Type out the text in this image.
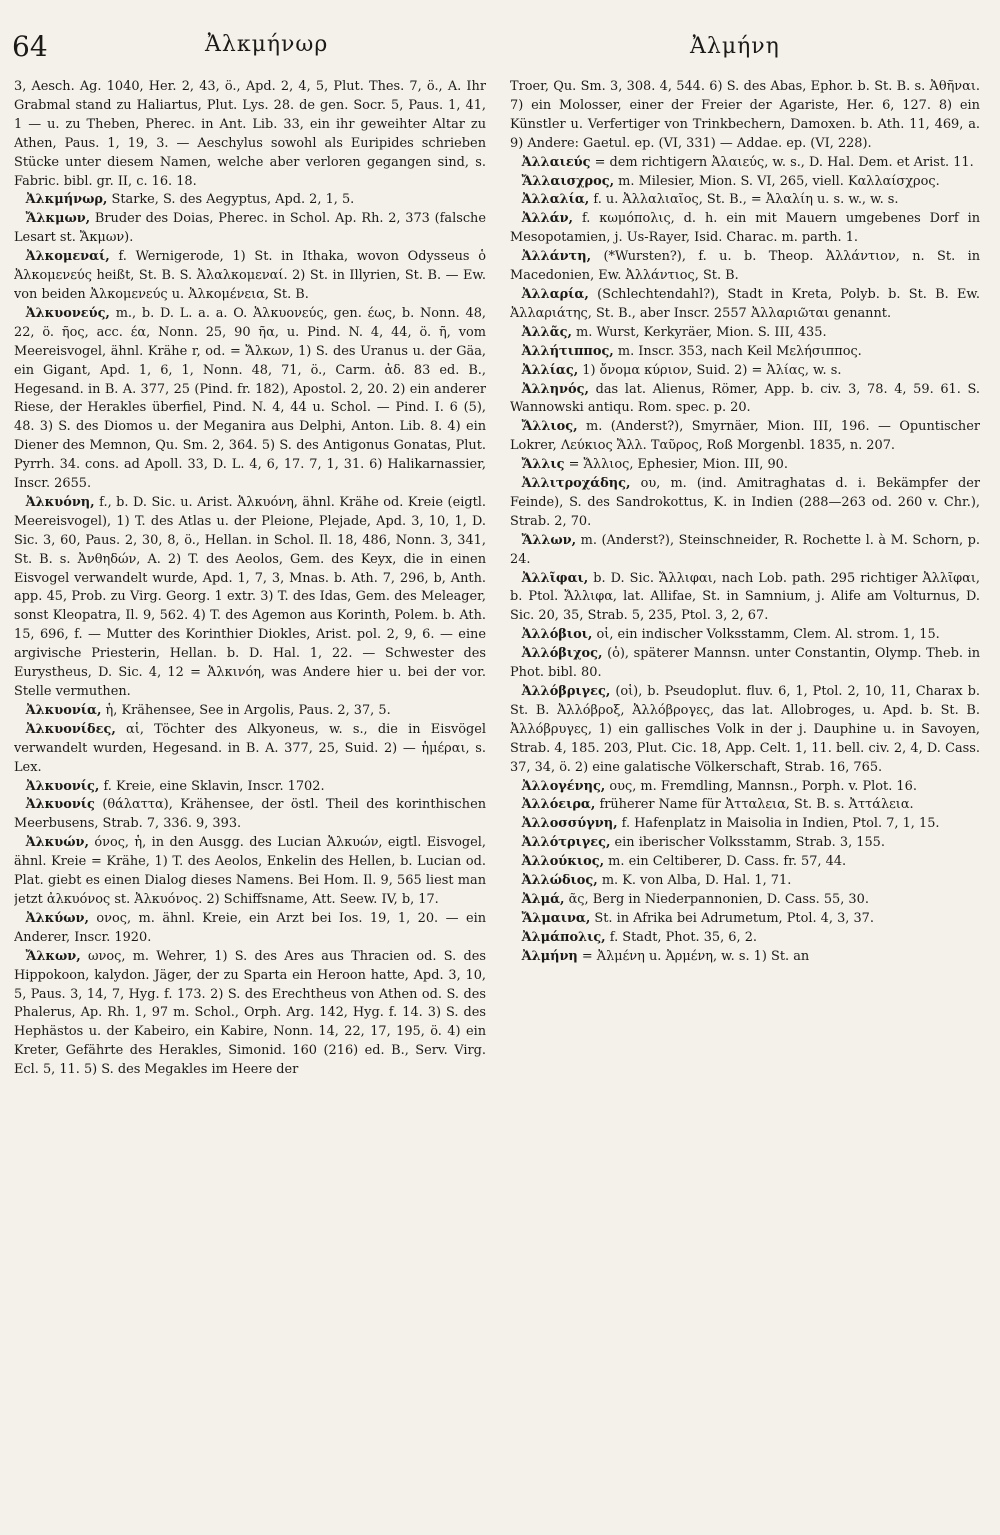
64	Ἀλκμήνωρ	Ἀλμήνη

3, Aesch. Ag. 1040, Her. 2, 43, ö., Apd. 2, 4, 5, Plut. Thes. 7, ö., A. Ihr Grabmal stand zu Haliartus, Plut. Lys. 28. de gen. Socr. 5, Paus. 1, 41, 1 — u. zu Theben, Pherec. in Ant. Lib. 33, ein ihr geweihter Altar zu Athen, Paus. 1, 19, 3. — Aeschylus sowohl als Euripides schrieben Stücke unter diesem Namen, welche aber verloren gegangen sind, s. Fabric. bibl. gr. II, c. 16. 18.

Ἀλκμήνωρ, Starke, S. des Aegyptus, Apd. 2, 1, 5.

Ἄλκμων, Bruder des Doias, Pherec. in Schol. Ap. Rh. 2, 373 (falsche Lesart st. Ἄκμων).

Ἀλκομεναί, f. Wernigerode, 1) St. in Ithaka, wovon Odysseus ὁ Ἀλκομενεύς heißt, St. B. S. Ἀλαλκομεναί. 2) St. in Illyrien, St. B. — Ew. von beiden Ἀλκομενεύς u. Ἀλκομένεια, St. B.

Ἀλκυονεύς, m., b. D. L. a. a. O. Ἀλκυονεύς, gen. έως, b. Nonn. 48, 22, ö. ῆος, acc. έα, Nonn. 25, 90 ῆα, u. Pind. N. 4, 44, ö. ῆ, vom Meereisvogel, ähnl. Krähe r, od. = Ἄλκων, 1) S. des Uranus u. der Gäa, ein Gigant, Apd. 1, 6, 1, Nonn. 48, 71, ö., Carm. ἀδ. 83 ed. B., Hegesand. in B. A. 377, 25 (Pind. fr. 182), Apostol. 2, 20. 2) ein anderer Riese, der Herakles überfiel, Pind. N. 4, 44 u. Schol. — Pind. I. 6 (5), 48. 3) S. des Diomos u. der Meganira aus Delphi, Anton. Lib. 8. 4) ein Diener des Memnon, Qu. Sm. 2, 364. 5) S. des Antigonus Gonatas, Plut. Pyrrh. 34. cons. ad Apoll. 33, D. L. 4, 6, 17. 7, 1, 31. 6) Halikarnassier, Inscr. 2655.

Ἀλκυόνη, f., b. D. Sic. u. Arist. Ἀλκυόνη, ähnl. Krähe od. Kreie (eigtl. Meereisvogel), 1) T. des Atlas u. der Pleione, Plejade, Apd. 3, 10, 1, D. Sic. 3, 60, Paus. 2, 30, 8, ö., Hellan. in Schol. Il. 18, 486, Nonn. 3, 341, St. B. s. Ἀνθηδών, A. 2) T. des Aeolos, Gem. des Keyx, die in einen Eisvogel verwandelt wurde, Apd. 1, 7, 3, Mnas. b. Ath. 7, 296, b, Anth. app. 45, Prob. zu Virg. Georg. 1 extr. 3) T. des Idas, Gem. des Meleager, sonst Kleopatra, Il. 9, 562. 4) T. des Agemon aus Korinth, Polem. b. Ath. 15, 696, f. — Mutter des Korinthier Diokles, Arist. pol. 2, 9, 6. — eine argivische Priesterin, Hellan. b. D. Hal. 1, 22. — Schwester des Eurystheus, D. Sic. 4, 12 = Ἀλκινόη, was Andere hier u. bei der vor. Stelle vermuthen.

Ἀλκυονία, ἡ, Krähensee, See in Argolis, Paus. 2, 37, 5.

Ἀλκυονίδες, αἱ, Töchter des Alkyoneus, w. s., die in Eisvögel verwandelt wurden, Hegesand. in B. A. 377, 25, Suid. 2) — ἡμέραι, s. Lex.

Ἀλκυονίς, f. Kreie, eine Sklavin, Inscr. 1702.

Ἀλκυονίς (θάλαττα), Krähensee, der östl. Theil des korinthischen Meerbusens, Strab. 7, 336. 9, 393.

Ἀλκυών, όνος, ἡ, in den Ausgg. des Lucian Ἀλκυών, eigtl. Eisvogel, ähnl. Kreie = Krähe, 1) T. des Aeolos, Enkelin des Hellen, b. Lucian od. Plat. giebt es einen Dialog dieses Namens. Bei Hom. Il. 9, 565 liest man jetzt ἀλκυόνος st. Ἀλκυόνος. 2) Schiffsname, Att. Seew. IV, b, 17.

Ἀλκύων, ονος, m. ähnl. Kreie, ein Arzt bei Ios. 19, 1, 20. — ein Anderer, Inscr. 1920.

Ἄλκων, ωνος, m. Wehrer, 1) S. des Ares aus Thracien od. S. des Hippokoon, kalydon. Jäger, der zu Sparta ein Heroon hatte, Apd. 3, 10, 5, Paus. 3, 14, 7, Hyg. f. 173. 2) S. des Erechtheus von Athen od. S. des Phalerus, Ap. Rh. 1, 97 m. Schol., Orph. Arg. 142, Hyg. f. 14. 3) S. des Hephästos u. der Kabeiro, ein Kabire, Nonn. 14, 22, 17, 195, ö. 4) ein Kreter, Gefährte des Herakles, Simonid. 160 (216) ed. B., Serv. Virg. Ecl. 5, 11. 5) S. des Megakles im Heere der

Troer, Qu. Sm. 3, 308. 4, 544. 6) S. des Abas, Ephor. b. St. B. s. Ἀθῆναι. 7) ein Molosser, einer der Freier der Agariste, Her. 6, 127. 8) ein Künstler u. Verfertiger von Trinkbechern, Damoxen. b. Ath. 11, 469, a. 9) Andere: Gaetul. ep. (VI, 331) — Addae. ep. (VI, 228).

Ἀλλαιεύς = dem richtigern Ἀλαιεύς, w. s., D. Hal. Dem. et Arist. 11.

Ἄλλαισχρος, m. Milesier, Mion. S. VI, 265, viell. Καλλαίσχρος.

Ἀλλαλία, f. u. Ἀλλαλιαῖος, St. B., = Ἀλαλίη u. s. w., w. s.

Ἀλλάν, f. κωμόπολις, d. h. ein mit Mauern umgebenes Dorf in Mesopotamien, j. Us-Rayer, Isid. Charac. m. parth. 1.

Ἀλλάντη, (*Wursten?), f. u. b. Theop. Ἀλλάντιον, n. St. in Macedonien, Ew. Ἀλλάντιος, St. B.

Ἀλλαρία, (Schlechtendahl?), Stadt in Kreta, Polyb. b. St. B. Ew. Ἀλλαριάτης, St. B., aber Inscr. 2557 Ἀλλαριῶται genannt.

Ἀλλᾶς, m. Wurst, Kerkyräer, Mion. S. III, 435.

Ἀλλήτιππος, m. Inscr. 353, nach Keil Μελήσιππος.

Ἀλλίας, 1) ὄνομα κύριον, Suid. 2) = Ἀλίας, w. s.

Ἀλληνός, das lat. Alienus, Römer, App. b. civ. 3, 78. 4, 59. 61. S. Wannowski antiqu. Rom. spec. p. 20.

Ἄλλιος, m. (Anderst?), Smyrnäer, Mion. III, 196. — Opuntischer Lokrer, Λεύκιος Ἄλλ. Ταῦρος, Roß Morgenbl. 1835, n. 207.

Ἄλλις = Ἄλλιος, Ephesier, Mion. III, 90.

Ἀλλιτροχάδης, ου, m. (ind. Amitraghatas d. i. Bekämpfer der Feinde), S. des Sandrokottus, K. in Indien (288—263 od. 260 v. Chr.), Strab. 2, 70.

Ἄλλων, m. (Anderst?), Steinschneider, R. Rochette l. à M. Schorn, p. 24.

Ἀλλῖφαι, b. D. Sic. Ἄλλιφαι, nach Lob. path. 295 richtiger Ἀλλῖφαι, b. Ptol. Ἄλλιφα, lat. Allifae, St. in Samnium, j. Alife am Volturnus, D. Sic. 20, 35, Strab. 5, 235, Ptol. 3, 2, 67.

Ἀλλόβιοι, οἱ, ein indischer Volksstamm, Clem. Al. strom. 1, 15.

Ἀλλόβιχος, (ὁ), späterer Mannsn. unter Constantin, Olymp. Theb. in Phot. bibl. 80.

Ἀλλόβριγες, (οἱ), b. Pseudoplut. fluv. 6, 1, Ptol. 2, 10, 11, Charax b. St. B. Ἀλλόβροξ, Ἀλλόβρογες, das lat. Allobroges, u. Apd. b. St. B. Ἀλλόβρυγες, 1) ein gallisches Volk in der j. Dauphine u. in Savoyen, Strab. 4, 185. 203, Plut. Cic. 18, App. Celt. 1, 11. bell. civ. 2, 4, D. Cass. 37, 34, ö. 2) eine galatische Völkerschaft, Strab. 16, 765.

Ἀλλογένης, ους, m. Fremdling, Mannsn., Porph. v. Plot. 16.

Ἀλλόειρα, früherer Name für Ἀτταλεια, St. B. s. Ἀττάλεια.

Ἀλλοσσύγνη, f. Hafenplatz in Maisolia in Indien, Ptol. 7, 1, 15.

Ἀλλότριγες, ein iberischer Volksstamm, Strab. 3, 155.

Ἀλλούκιος, m. ein Celtiberer, D. Cass. fr. 57, 44.

Ἀλλώδιος, m. K. von Alba, D. Hal. 1, 71.

Ἀλμά, ᾶς, Berg in Niederpannonien, D. Cass. 55, 30.

Ἄλμαινα, St. in Afrika bei Adrumetum, Ptol. 4, 3, 37.

Ἀλμάπολις, f. Stadt, Phot. 35, 6, 2.

Ἀλμήνη = Ἀλμένη u. Ἀρμένη, w. s. 1) St. an
